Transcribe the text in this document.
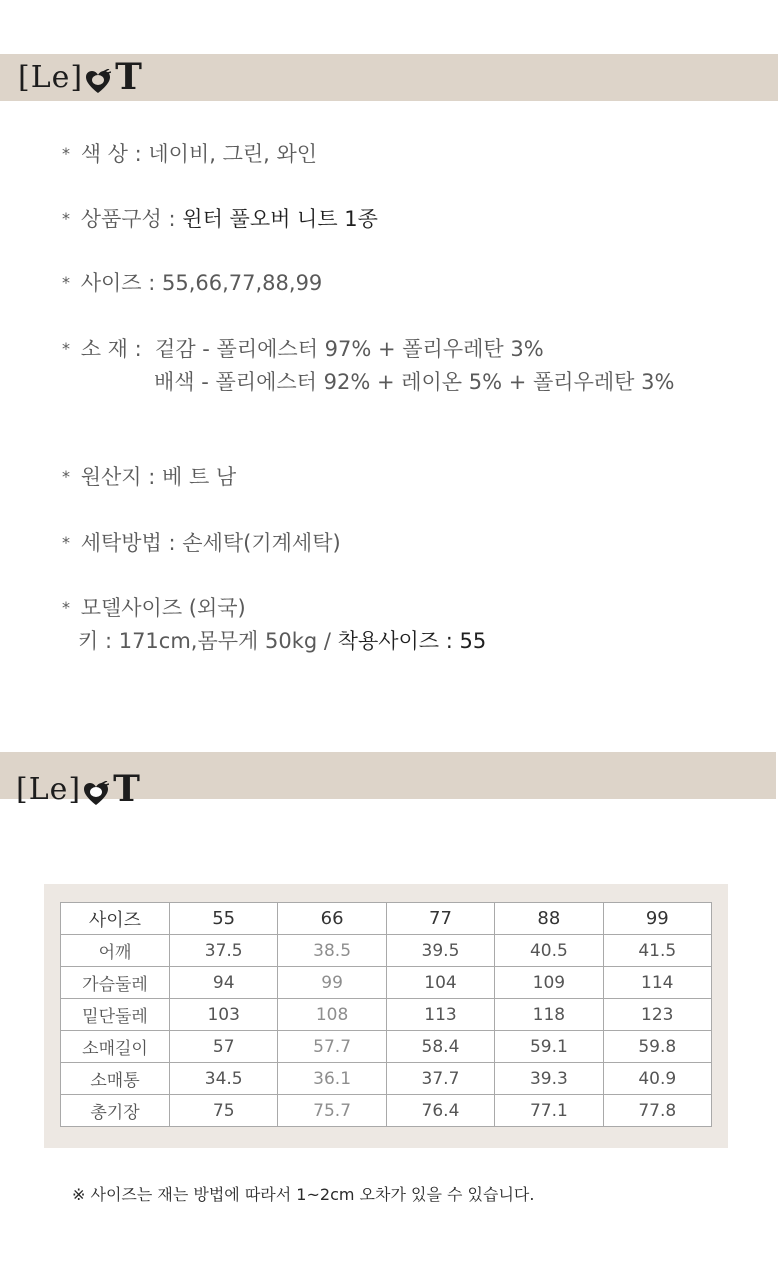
[Le] T
* 색 상 : 네이비, 그린, 와인
* 상품구성 : 윈터 풀오버 니트 1종
* 사이즈 : 55,66,77,88,99
* 소 재 : 겉감 - 폴리에스터 97% + 폴리우레탄 3%
배색 - 폴리에스터 92% + 레이온 5% + 폴리우레탄 3%
* 원산지 : 베 트 남
* 세탁방법 : 손세탁(기계세탁)
* 모델사이즈 (외국)
키 : 171cm,몸무게 50kg / 착용사이즈 : 55
[Le] T
사이즈	55	66	77	88	99
어깨	37.5	38.5	39.5	40.5	41.5
가슴둘레	94	99	104	109	114
밑단둘레	103	108	113	118	123
소매길이	57	57.7	58.4	59.1	59.8
소매통	34.5	36.1	37.7	39.3	40.9
총기장	75	75.7	76.4	77.1	77.8
※ 사이즈는 재는 방법에 따라서 1~2cm 오차가 있을 수 있습니다.
